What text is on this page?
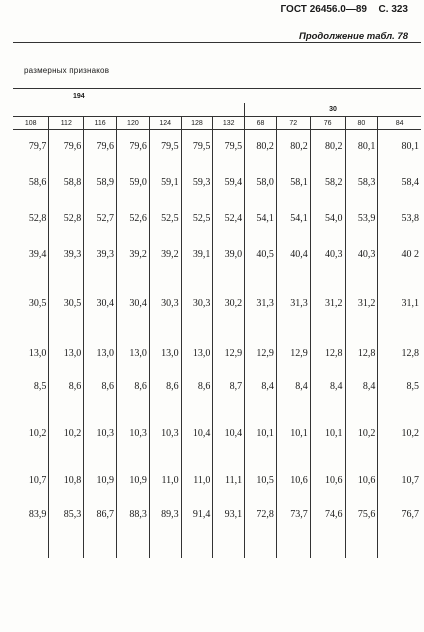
ГОСТ 26456.0—89 С. 323
Продолжение табл. 78
размерных признаков
194											
							30				
108	112	116	120	124	128	132	68	72	76	80	84
79,7	79,6	79,6	79,6	79,5	79,5	79,5	80,2	80,2	80,2	80,1	80,1
58,6	58,8	58,9	59,0	59,1	59,3	59,4	58,0	58,1	58,2	58,3	58,4
52,8	52,8	52,7	52,6	52,5	52,5	52,4	54,1	54,1	54,0	53,9	53,8
39,4	39,3	39,3	39,2	39,2	39,1	39,0	40,5	40,4	40,3	40,3	40 2
30,5	30,5	30,4	30,4	30,3	30,3	30,2	31,3	31,3	31,2	31,2	31,1
13,0	13,0	13,0	13,0	13,0	13,0	12,9	12,9	12,9	12,8	12,8	12,8
8,5	8,6	8,6	8,6	8,6	8,6	8,7	8,4	8,4	8,4	8,4	8,5
10,2	10,2	10,3	10,3	10,3	10,4	10,4	10,1	10,1	10,1	10,2	10,2
10,7	10,8	10,9	10,9	11,0	11,0	11,1	10,5	10,6	10,6	10,6	10,7
83,9	85,3	86,7	88,3	89,3	91,4	93,1	72,8	73,7	74,6	75,6	76,7
